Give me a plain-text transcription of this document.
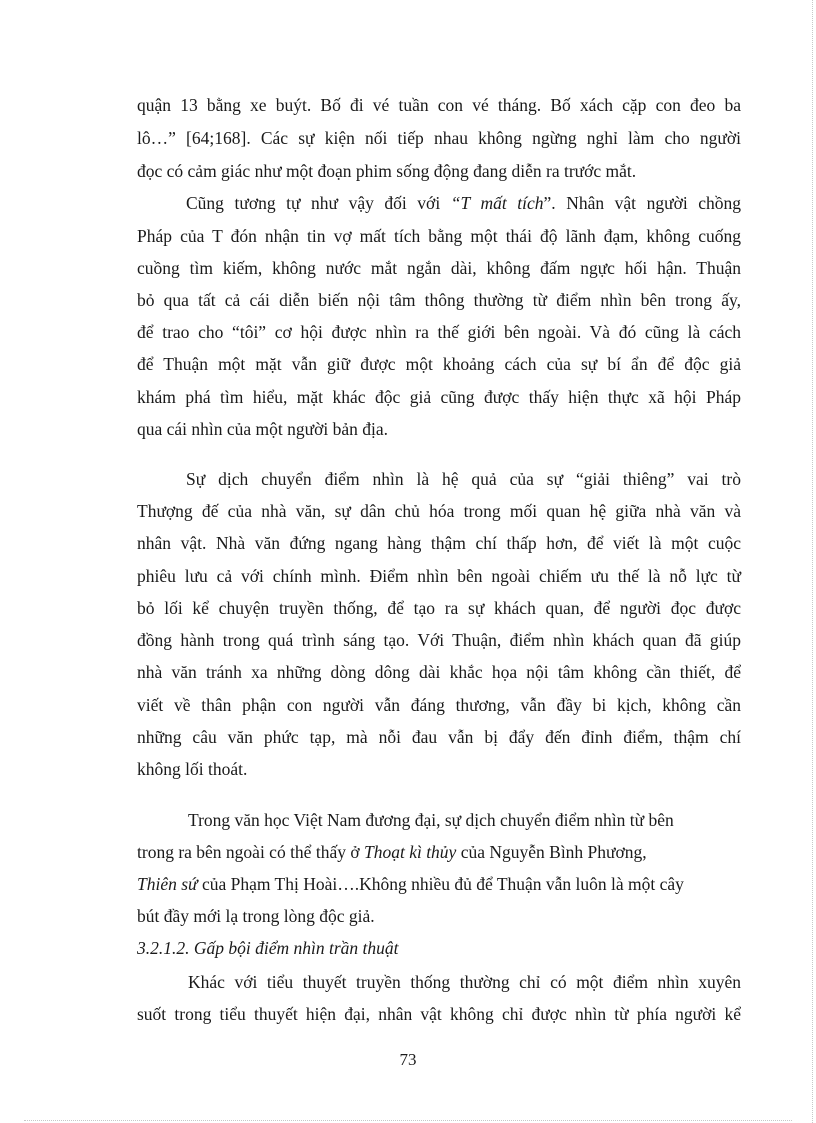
quận 13 bằng xe buýt. Bố đi vé tuần con vé tháng. Bố xách cặp con đeo ba
lô…” [64;168]. Các sự kiện nối tiếp nhau không ngừng nghỉ làm cho người
đọc có cảm giác như một đoạn phim sống động đang diễn ra trước mắt.
Cũng tương tự như vậy đối với “T mất tích”. Nhân vật người chồng
Pháp của T đón nhận tin vợ mất tích bằng một thái độ lãnh đạm, không cuống
cuồng tìm kiếm, không nước mắt ngắn dài, không đấm ngực hối hận. Thuận
bỏ qua tất cả cái diễn biến nội tâm thông thường từ điểm nhìn bên trong ấy,
để trao cho “tôi” cơ hội được nhìn ra thế giới bên ngoài. Và đó cũng là cách
để Thuận một mặt vẫn giữ được một khoảng cách của sự bí ẩn để độc giả
khám phá tìm hiểu, mặt khác độc giả cũng được thấy hiện thực xã hội Pháp
qua cái nhìn của một người bản địa.
Sự dịch chuyển điểm nhìn là hệ quả của sự “giải thiêng” vai trò
Thượng đế của nhà văn, sự dân chủ hóa trong mối quan hệ giữa nhà văn và
nhân vật. Nhà văn đứng ngang hàng thậm chí thấp hơn, để viết là một cuộc
phiêu lưu cả với chính mình. Điểm nhìn bên ngoài chiếm ưu thế là nỗ lực từ
bỏ lối kể chuyện truyền thống, để tạo ra sự khách quan, để người đọc được
đồng hành trong quá trình sáng tạo. Với Thuận, điểm nhìn khách quan đã giúp
nhà văn tránh xa những dòng dông dài khắc họa nội tâm không cần thiết, để
viết về thân phận con người vẫn đáng thương, vẫn đầy bi kịch, không cần
những câu văn phức tạp, mà nỗi đau vẫn bị đẩy đến đỉnh điểm, thậm chí
không lối thoát.
Trong văn học Việt Nam đương đại, sự dịch chuyển điểm nhìn từ bên
trong ra bên ngoài có thể thấy ở Thoạt kì thủy của Nguyễn Bình Phương,
Thiên sứ của Phạm Thị Hoài….Không nhiều đủ để Thuận vẫn luôn là một cây
bút đầy mới lạ trong lòng độc giả.
3.2.1.2. Gấp bội điểm nhìn trần thuật
Khác với tiểu thuyết truyền thống thường chỉ có một điểm nhìn xuyên
suốt trong tiểu thuyết hiện đại, nhân vật không chỉ được nhìn từ phía người kể
73
